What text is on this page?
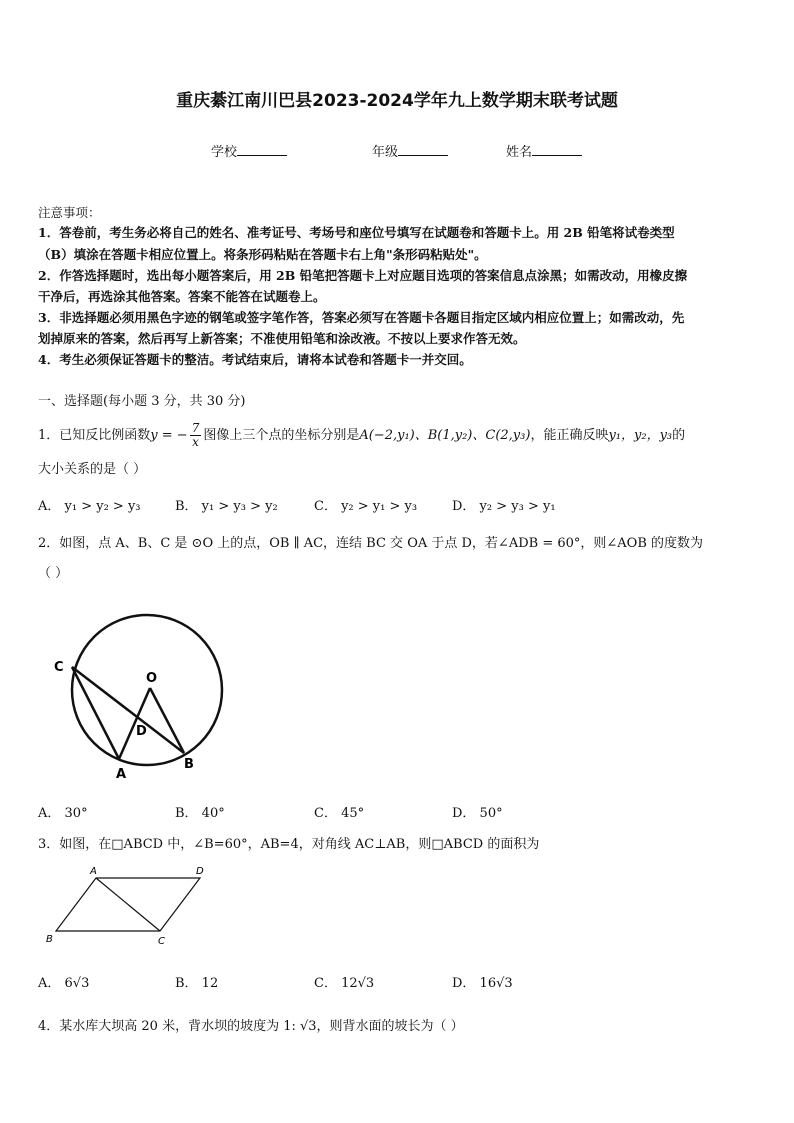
重庆綦江南川巴县2023-2024学年九上数学期末联考试题
学校	年级	姓名
注意事项：
1．答卷前，考生务必将自己的姓名、准考证号、考场号和座位号填写在试题卷和答题卡上。用 2B 铅笔将试卷类型
（B）填涂在答题卡相应位置上。将条形码粘贴在答题卡右上角"条形码粘贴处"。
2．作答选择题时，选出每小题答案后，用 2B 铅笔把答题卡上对应题目选项的答案信息点涂黑；如需改动，用橡皮擦
干净后，再选涂其他答案。答案不能答在试题卷上。
3．非选择题必须用黑色字迹的钢笔或签字笔作答，答案必须写在答题卡各题目指定区域内相应位置上；如需改动，先
划掉原来的答案，然后再写上新答案；不准使用铅笔和涂改液。不按以上要求作答无效。
4．考生必须保证答题卡的整洁。考试结束后，请将本试卷和答题卡一并交回。
一、选择题(每小题 3 分，共 30 分)
1．已知反比例函数y = − $\frac{7}{x}$ 图像上三个点的坐标分别是A(−2,y₁)、B(1,y₂)、C(2,y₃)，能正确反映y₁，y₂，y₃的
大小关系的是（ ）
A． y₁ > y₂ > y₃	B． y₁ > y₃ > y₂	C． y₂ > y₁ > y₃	D． y₂ > y₃ > y₁
2．如图，点 A、B、C 是 ⊙O 上的点，OB ∥ AC，连结 BC 交 OA 于点 D，若∠ADB = 60°，则∠AOB 的度数为
（ ）
C
O
D
A
B
A． 30°	B． 40°	C． 45°	D． 50°
3．如图，在□ABCD 中，∠B=60°，AB=4，对角线 AC⊥AB，则□ABCD 的面积为
A	D
B	C
A． 6√3	B． 12	C． 12√3	D． 16√3
4．某水库大坝高 20 米，背水坝的坡度为 1: √3，则背水面的坡长为（ ）
